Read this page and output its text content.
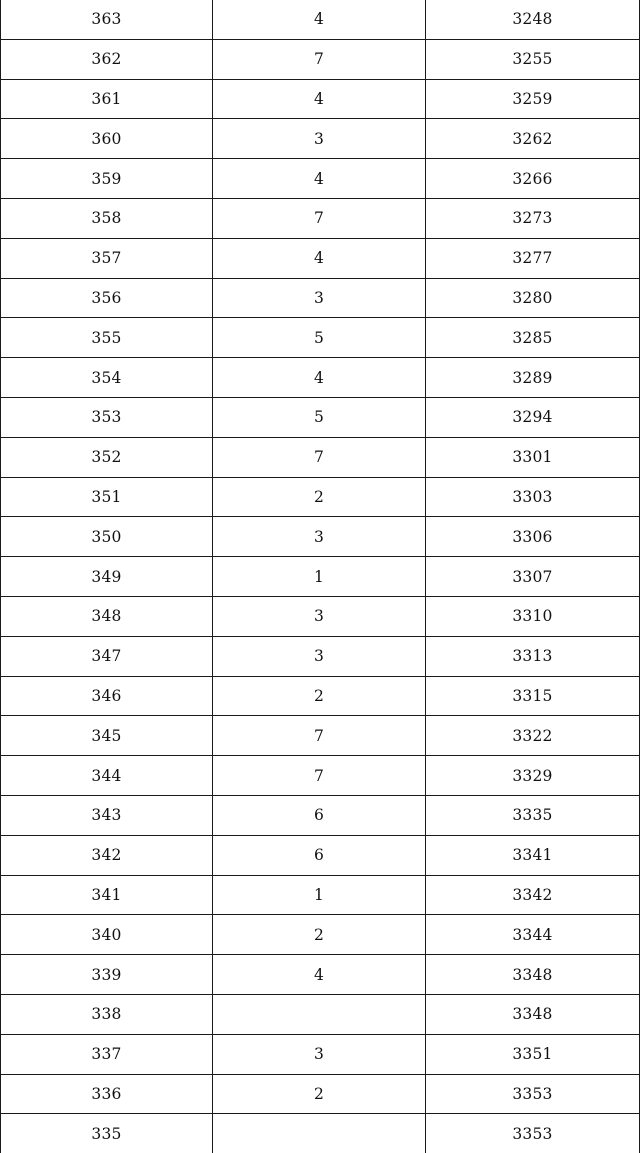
363	4	3248
362	7	3255
361	4	3259
360	3	3262
359	4	3266
358	7	3273
357	4	3277
356	3	3280
355	5	3285
354	4	3289
353	5	3294
352	7	3301
351	2	3303
350	3	3306
349	1	3307
348	3	3310
347	3	3313
346	2	3315
345	7	3322
344	7	3329
343	6	3335
342	6	3341
341	1	3342
340	2	3344
339	4	3348
338		3348
337	3	3351
336	2	3353
335		3353
